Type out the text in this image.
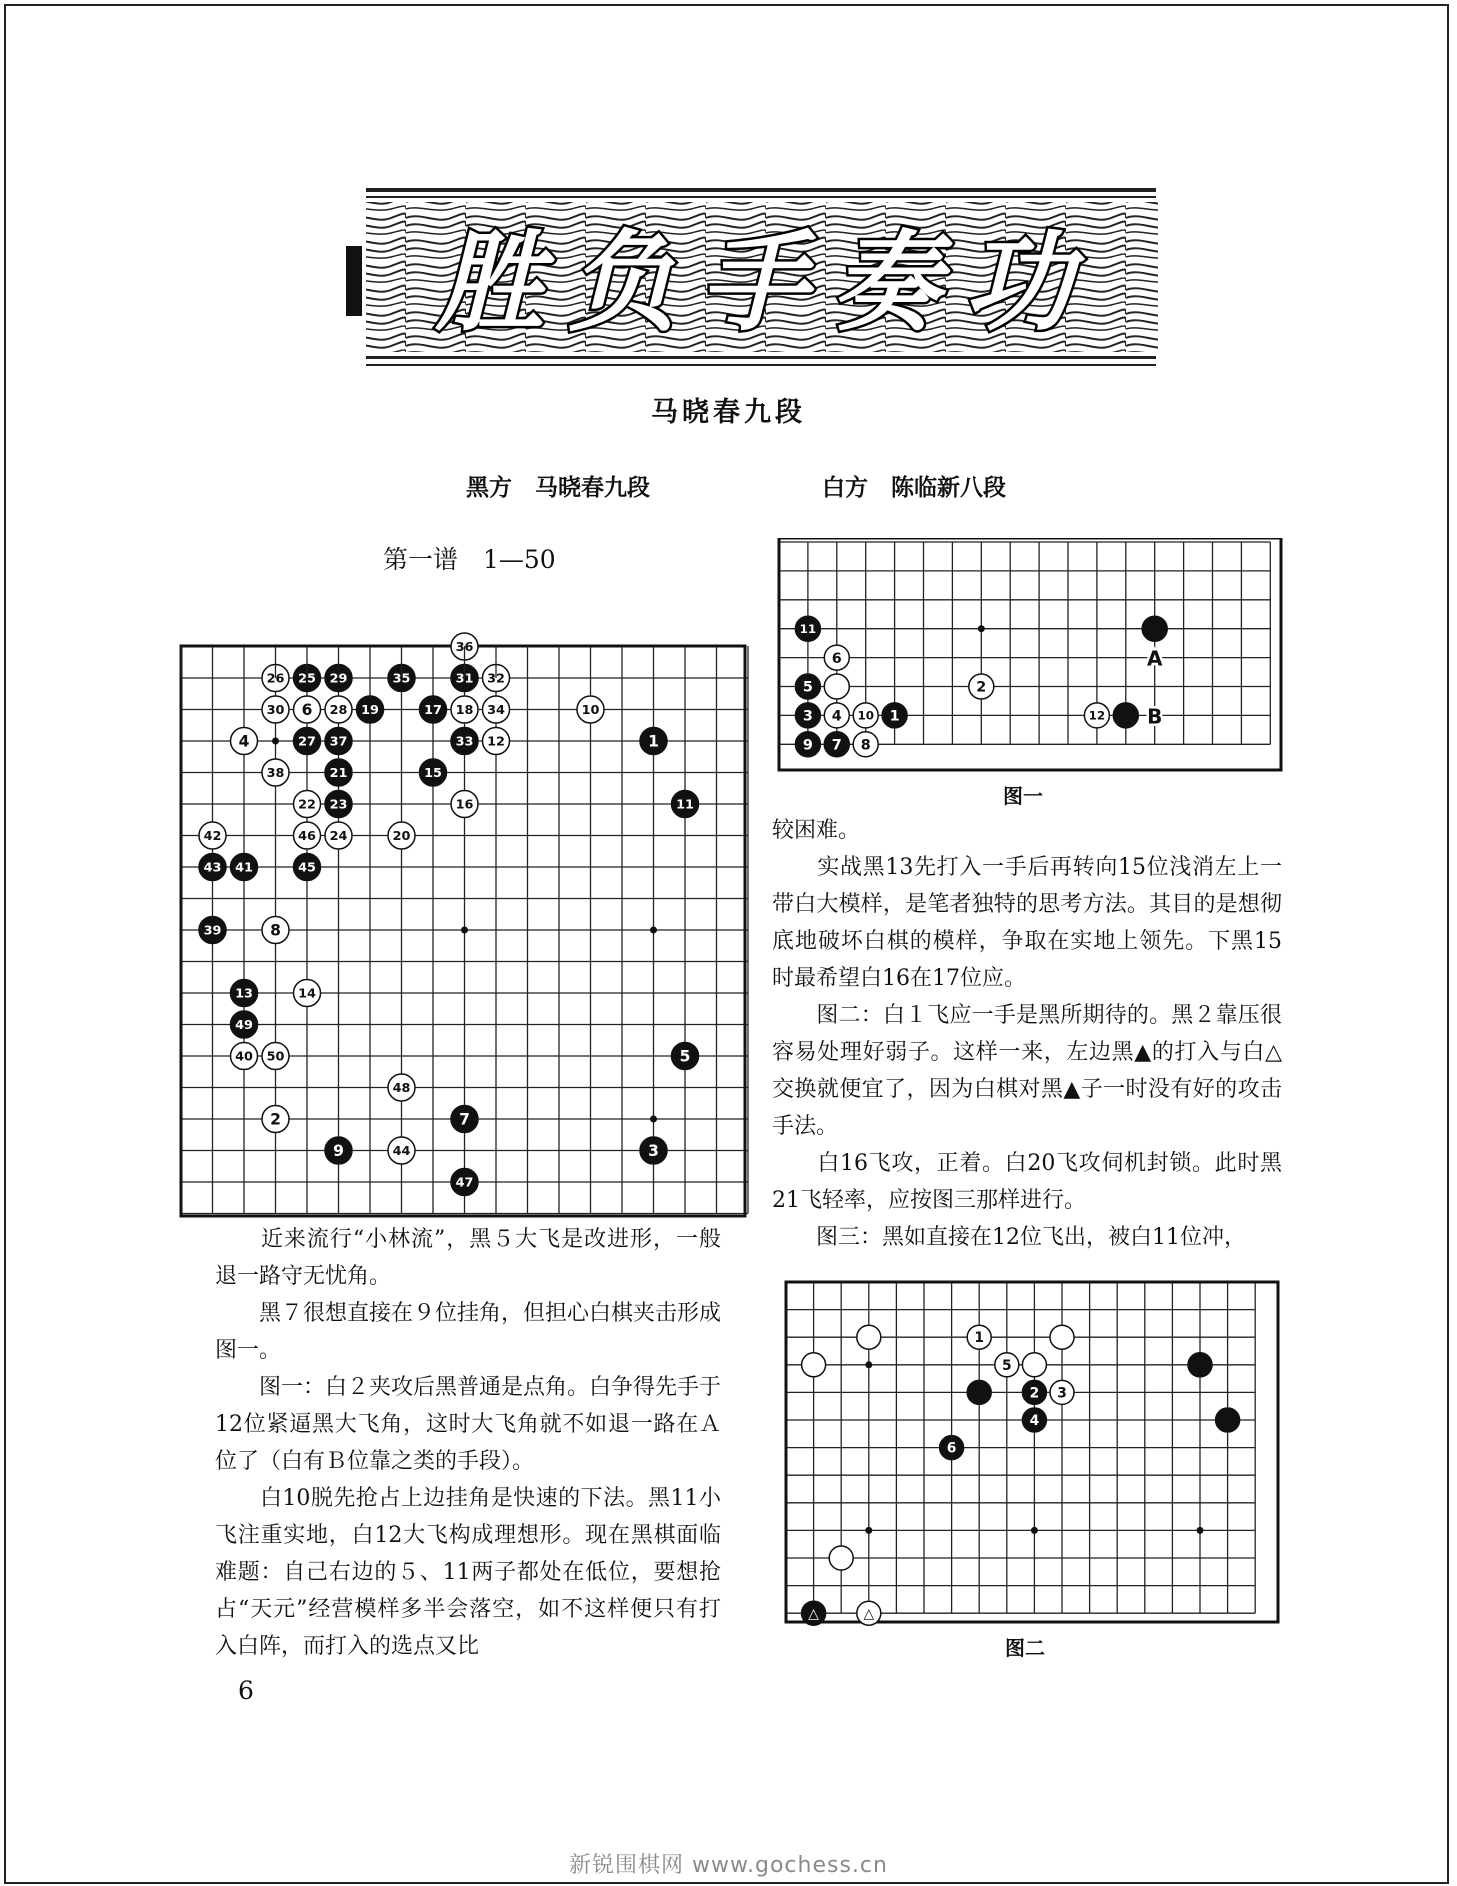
胜负手奏功
马晓春九段
黑方　马晓春九段	白方　陈临新八段
第一谱　1—50
36
26 25 29	35	31 32
30 6 28 19	17 18 34	10
4	27 37	33 12	1
38	21	15
22 23	16	11
42	46 24	20
43 41	45
39	8
13	14
49
40 50	5
48
2	7
9	44	3
47
11
6
5
3 4 10 1
9 7 8
2
12
A
B
图一

较困难。

　　实战黑13先打入一手后再转向15位浅消左上一带白大模样，是笔者独特的思考方法。其目的是想彻底地破坏白棋的模样，争取在实地上领先。下黑15时最希望白16在17位应。

　　图二：白１飞应一手是黑所期待的。黑２靠压很容易处理好弱子。这样一来，左边黑▲的打入与白△交换就便宜了，因为白棋对黑▲子一时没有好的攻击手法。

　　白16飞攻，正着。白20飞攻伺机封锁。此时黑21飞轻率，应按图三那样进行。

　　图三：黑如直接在12位飞出，被白11位冲，

1
5
2 3
4
6
△	△
图二

　　近来流行“小林流”，黑５大飞是改进形，一般退一路守无忧角。

　　黑７很想直接在９位挂角，但担心白棋夹击形成图一。

　　图一：白２夹攻后黑普通是点角。白争得先手于12位紧逼黑大飞角，这时大飞角就不如退一路在Ａ位了（白有Ｂ位靠之类的手段）。

　　白10脱先抢占上边挂角是快速的下法。黑11小飞注重实地，白12大飞构成理想形。现在黑棋面临难题：自己右边的５、11两子都处在低位，要想抢占“天元”经营模样多半会落空，如不这样便只有打入白阵，而打入的选点又比

6
新锐围棋网 www.gochess.cn
